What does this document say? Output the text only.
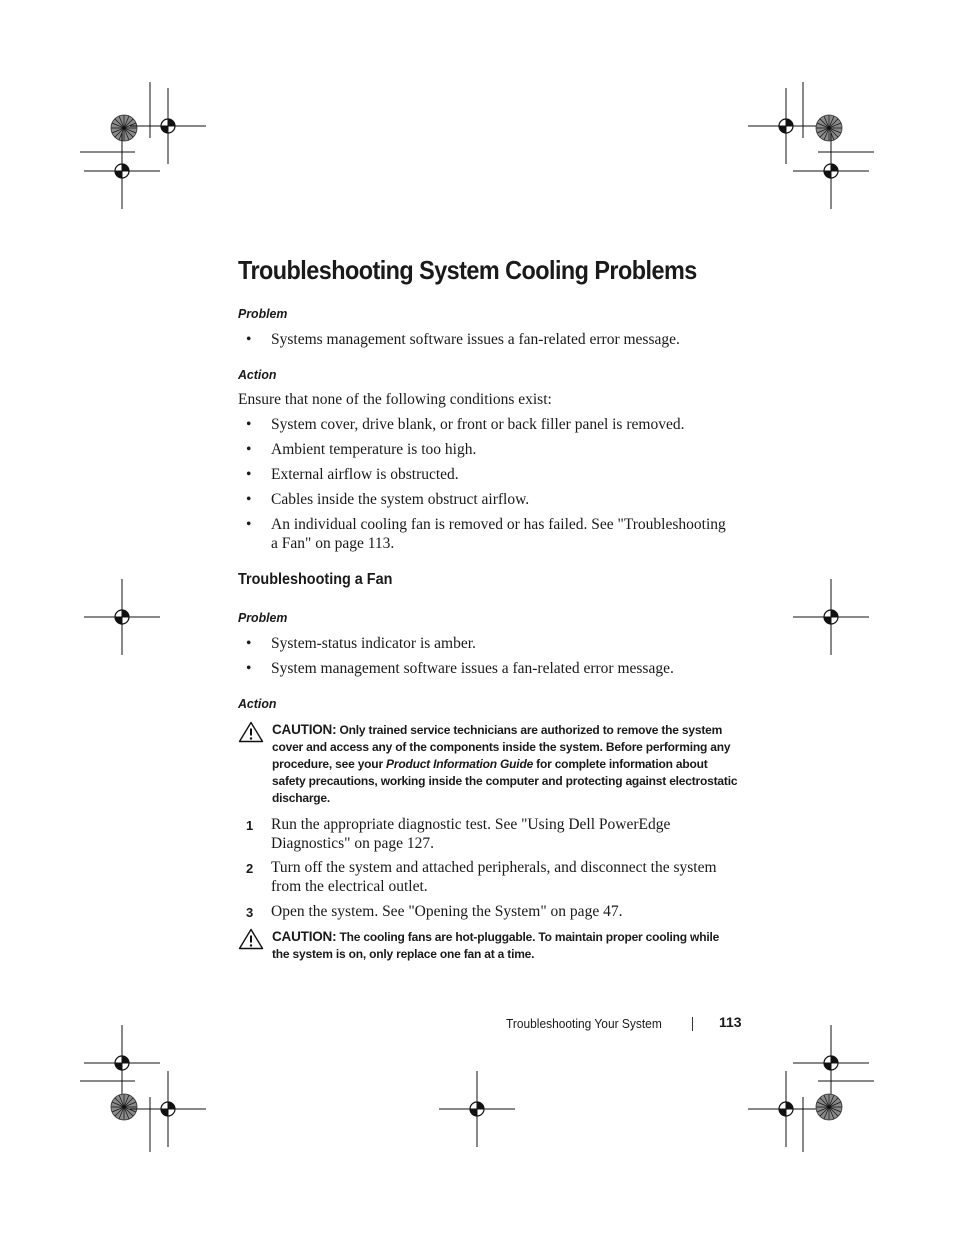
Troubleshooting System Cooling Problems
Problem
•	Systems management software issues a fan-related error message.
Action
Ensure that none of the following conditions exist:
•	System cover, drive blank, or front or back filler panel is removed.
•	Ambient temperature is too high.
•	External airflow is obstructed.
•	Cables inside the system obstruct airflow.
•	An individual cooling fan is removed or has failed. See "Troubleshooting a Fan" on page 113.
Troubleshooting a Fan
Problem
•	System-status indicator is amber.
•	System management software issues a fan-related error message.
Action
CAUTION: Only trained service technicians are authorized to remove the system cover and access any of the components inside the system. Before performing any procedure, see your Product Information Guide for complete information about safety precautions, working inside the computer and protecting against electrostatic discharge.
1	Run the appropriate diagnostic test. See "Using Dell PowerEdge Diagnostics" on page 127.
2	Turn off the system and attached peripherals, and disconnect the system from the electrical outlet.
3	Open the system. See "Opening the System" on page 47.
CAUTION: The cooling fans are hot-pluggable. To maintain proper cooling while the system is on, only replace one fan at a time.
Troubleshooting Your System	113
